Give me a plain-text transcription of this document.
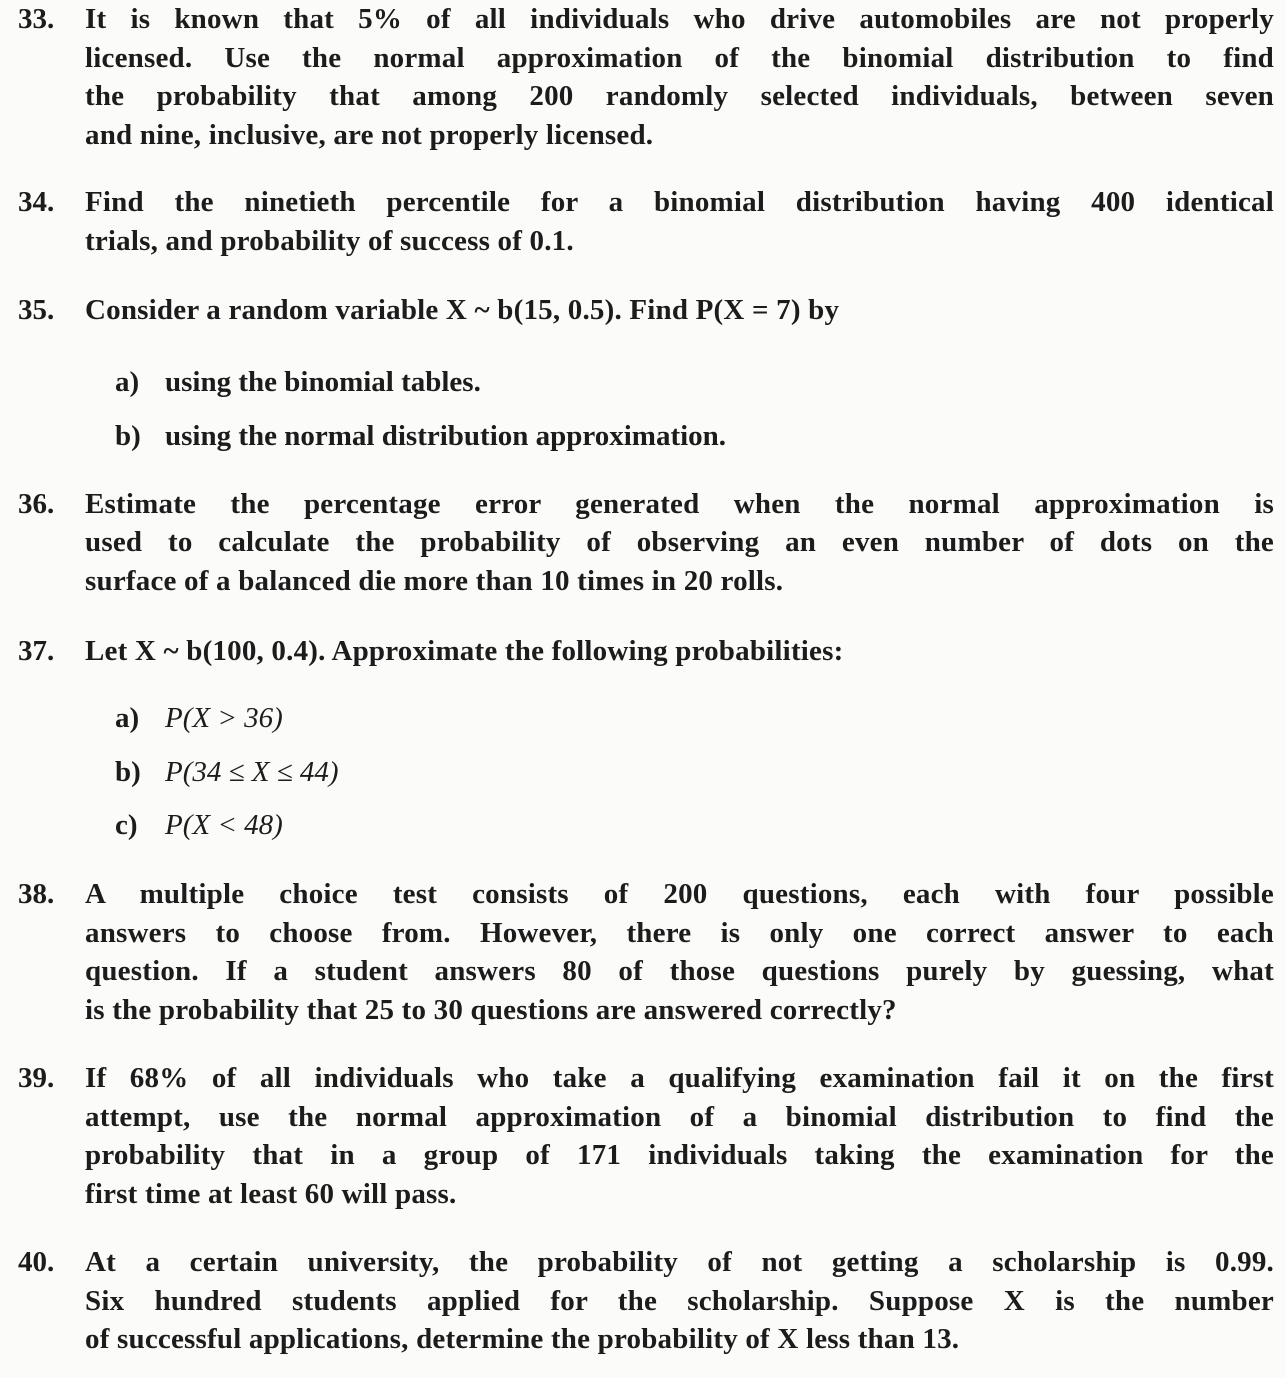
33. It is known that 5% of all individuals who drive automobiles are not properly
licensed. Use the normal approximation of the binomial distribution to find
the probability that among 200 randomly selected individuals, between seven
and nine, inclusive, are not properly licensed.
34. Find the ninetieth percentile for a binomial distribution having 400 identical
trials, and probability of success of 0.1.
35. Consider a random variable X ~ b(15, 0.5). Find P(X = 7) by
a) using the binomial tables.
b) using the normal distribution approximation.
36. Estimate the percentage error generated when the normal approximation is
used to calculate the probability of observing an even number of dots on the
surface of a balanced die more than 10 times in 20 rolls.
37. Let X ~ b(100, 0.4). Approximate the following probabilities:
a) P(X > 36)
b) P(34 ≤ X ≤ 44)
c) P(X < 48)
38. A multiple choice test consists of 200 questions, each with four possible
answers to choose from. However, there is only one correct answer to each
question. If a student answers 80 of those questions purely by guessing, what
is the probability that 25 to 30 questions are answered correctly?
39. If 68% of all individuals who take a qualifying examination fail it on the first
attempt, use the normal approximation of a binomial distribution to find the
probability that in a group of 171 individuals taking the examination for the
first time at least 60 will pass.
40. At a certain university, the probability of not getting a scholarship is 0.99.
Six hundred students applied for the scholarship. Suppose X is the number
of successful applications, determine the probability of X less than 13.
